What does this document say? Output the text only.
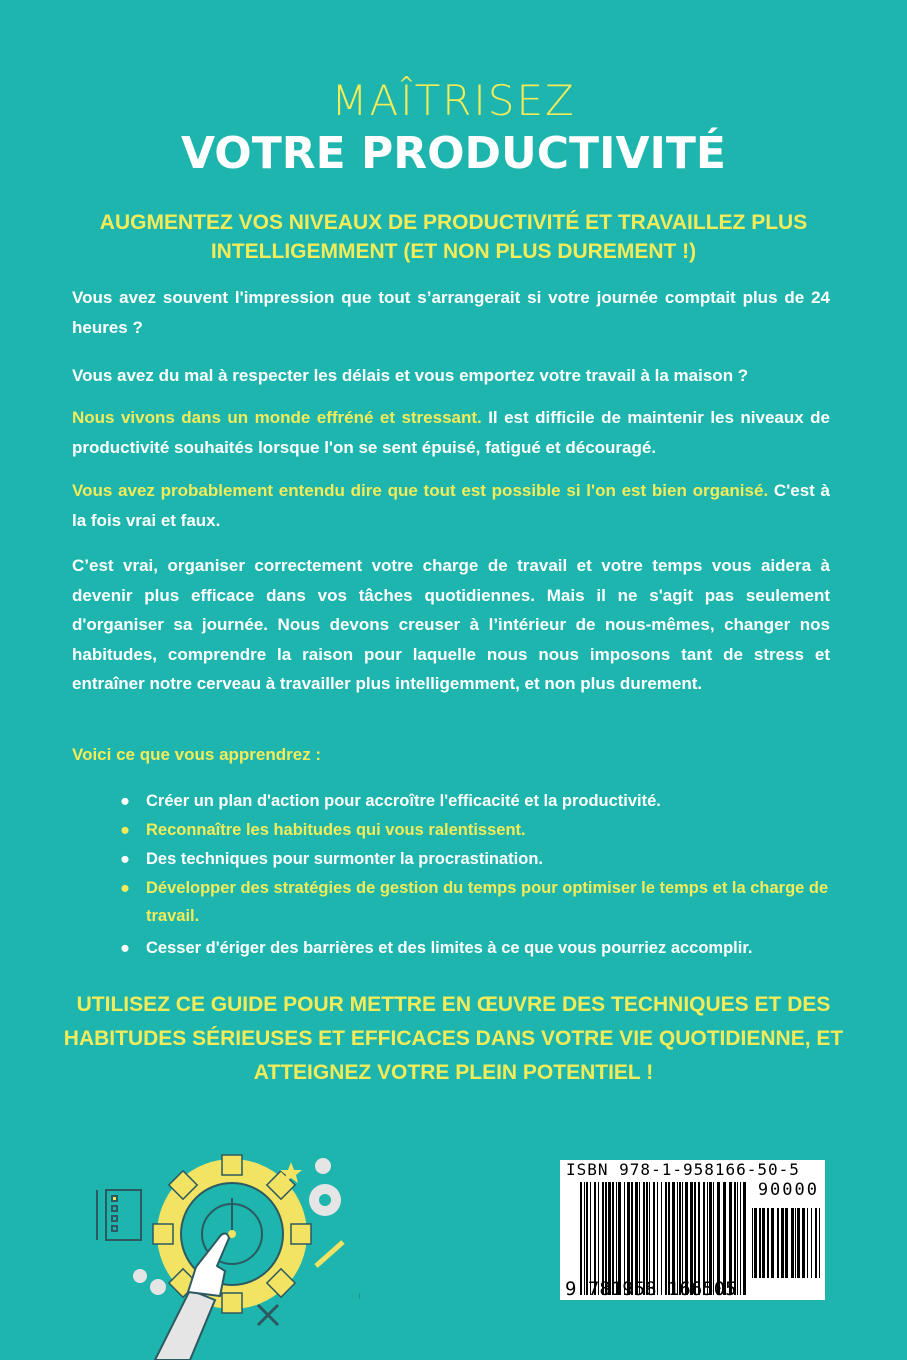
MAÎTRISEZ
VOTRE PRODUCTIVITÉ
AUGMENTEZ VOS NIVEAUX DE PRODUCTIVITÉ ET TRAVAILLEZ PLUS INTELLIGEMMENT (ET NON PLUS DUREMENT !)
Vous avez souvent l'impression que tout s’arrangerait si votre journée comptait plus de 24 heures ?
Vous avez du mal à respecter les délais et vous emportez votre travail à la maison ?
Nous vivons dans un monde effréné et stressant. Il est difficile de maintenir les niveaux de productivité souhaités lorsque l'on se sent épuisé, fatigué et découragé.
Vous avez probablement entendu dire que tout est possible si l'on est bien organisé. C'est à la fois vrai et faux.
C’est vrai, organiser correctement votre charge de travail et votre temps vous aidera à devenir plus efficace dans vos tâches quotidiennes. Mais il ne s'agit pas seulement d'organiser sa journée. Nous devons creuser à l’intérieur de nous-mêmes, changer nos habitudes, comprendre la raison pour laquelle nous nous imposons tant de stress et entraîner notre cerveau à travailler plus intelligemment, et non plus durement.
Voici ce que vous apprendrez :
● Créer un plan d'action pour accroître l'efficacité et la productivité.
● Reconnaître les habitudes qui vous ralentissent.
● Des techniques pour surmonter la procrastination.
● Développer des stratégies de gestion du temps pour optimiser le temps et la charge de travail.
● Cesser d'ériger des barrières et des limites à ce que vous pourriez accomplir.
UTILISEZ CE GUIDE POUR METTRE EN ŒUVRE DES TECHNIQUES ET DES HABITUDES SÉRIEUSES ET EFFICACES DANS VOTRE VIE QUOTIDIENNE, ET ATTEIGNEZ VOTRE PLEIN POTENTIEL !
ISBN 978-1-958166-50-5
90000
9 781958 166505
